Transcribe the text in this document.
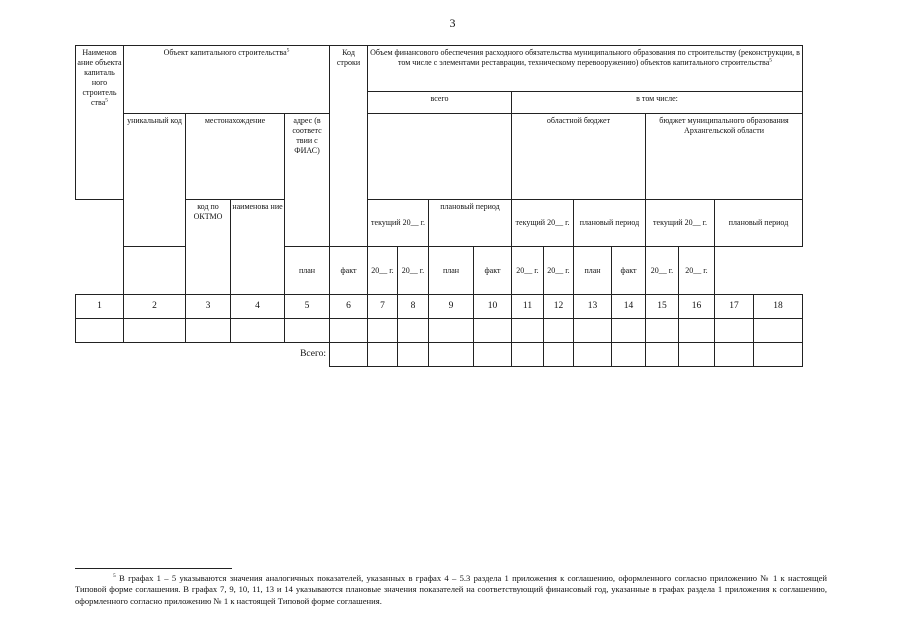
3
Наименов ание объекта капиталь ного строитель ства$^5$	Объект капитального строительства$^5$				Код строки	Объем финансового обеспечения расходного обязательства муниципального образования по строительству (реконструкции, в том числе с элементами реставрации, техническому перевооружению) объектов капитального строительства$^5$
						всего				в том числе:							
	уникальный код	местонахождение		адрес (в соответс твии с ФИАС)						областной бюджет				бюджет муниципального образования Архангельской области			

		код по ОКТМО	наименова ние			текущий 20__ г.		плановый период		текущий 20__ г.		плановый период		текущий 20__ г.		плановый период	
				план	факт	20__ г.	20__ г.	план	факт	20__ г.	20__ г.	план	факт	20__ г.	20__ г.		
1	2	3	4	5	6	7	8	9	10	11	12	13	14	15	16	17	18

Всего:																	
$^5$ В графах 1 – 5 указываются значения аналогичных показателей, указанных в графах 4 – 5.3 раздела 1 приложения к соглашению, оформленного согласно приложению № 1 к настоящей Типовой форме соглашения. В графах 7, 9, 10, 11, 13 и 14 указываются плановые значения показателей на соответствующий финансовый год, указанные в графах раздела 1 приложения к соглашению, оформленного согласно приложению № 1 к настоящей Типовой форме соглашения.
